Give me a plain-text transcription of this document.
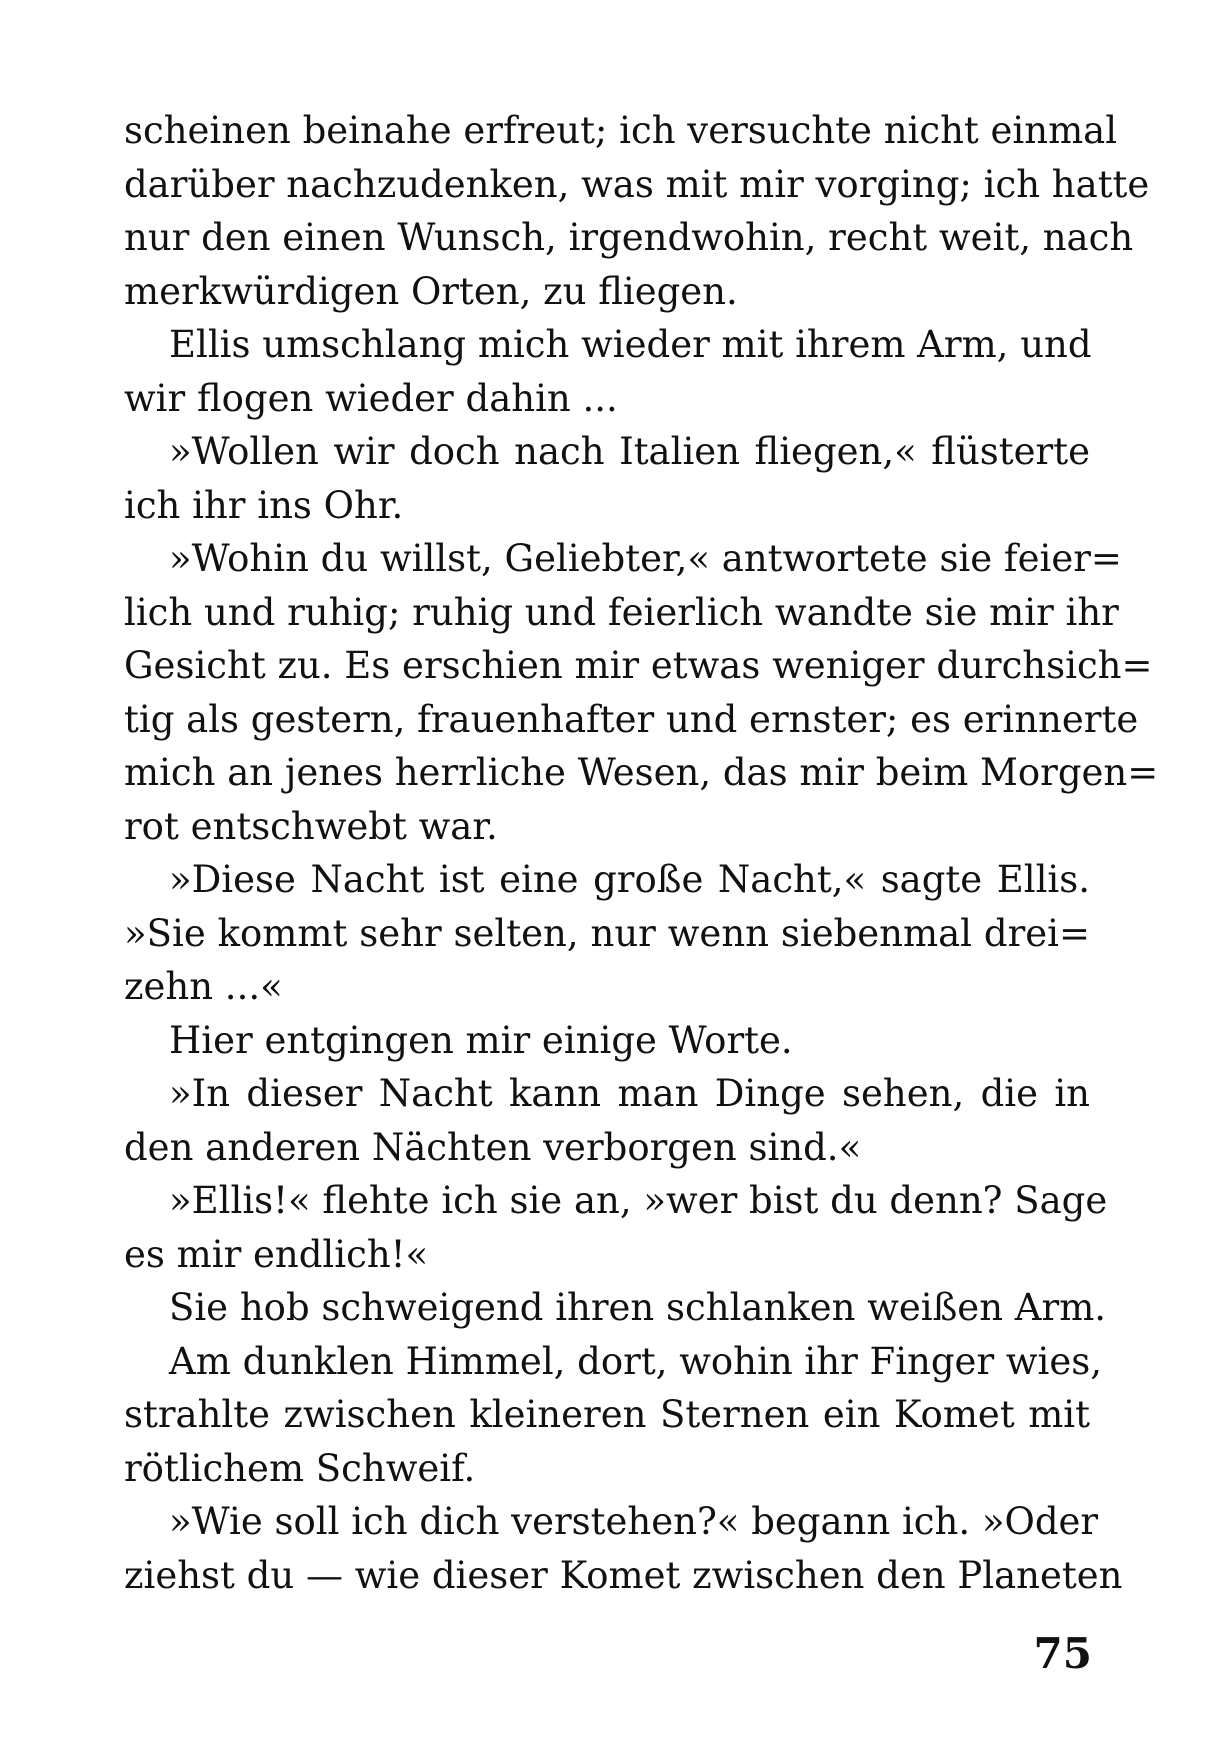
scheinen beinahe erfreut; ich versuchte nicht einmal
darüber nachzudenken, was mit mir vorging; ich hatte
nur den einen Wunsch, irgendwohin, recht weit, nach
merkwürdigen Orten, zu fliegen.
Ellis umschlang mich wieder mit ihrem Arm, und
wir flogen wieder dahin ...
»Wollen wir doch nach Italien fliegen,« flüsterte
ich ihr ins Ohr.
»Wohin du willst, Geliebter,« antwortete sie feier=
lich und ruhig; ruhig und feierlich wandte sie mir ihr
Gesicht zu. Es erschien mir etwas weniger durchsich=
tig als gestern, frauenhafter und ernster; es erinnerte
mich an jenes herrliche Wesen, das mir beim Morgen=
rot entschwebt war.
»Diese Nacht ist eine große Nacht,« sagte Ellis.
»Sie kommt sehr selten, nur wenn siebenmal drei=
zehn ...«
Hier entgingen mir einige Worte.
»In dieser Nacht kann man Dinge sehen, die in
den anderen Nächten verborgen sind.«
»Ellis!« flehte ich sie an, »wer bist du denn? Sage
es mir endlich!«
Sie hob schweigend ihren schlanken weißen Arm.
Am dunklen Himmel, dort, wohin ihr Finger wies,
strahlte zwischen kleineren Sternen ein Komet mit
rötlichem Schweif.
»Wie soll ich dich verstehen?« begann ich. »Oder
ziehst du — wie dieser Komet zwischen den Planeten
75
